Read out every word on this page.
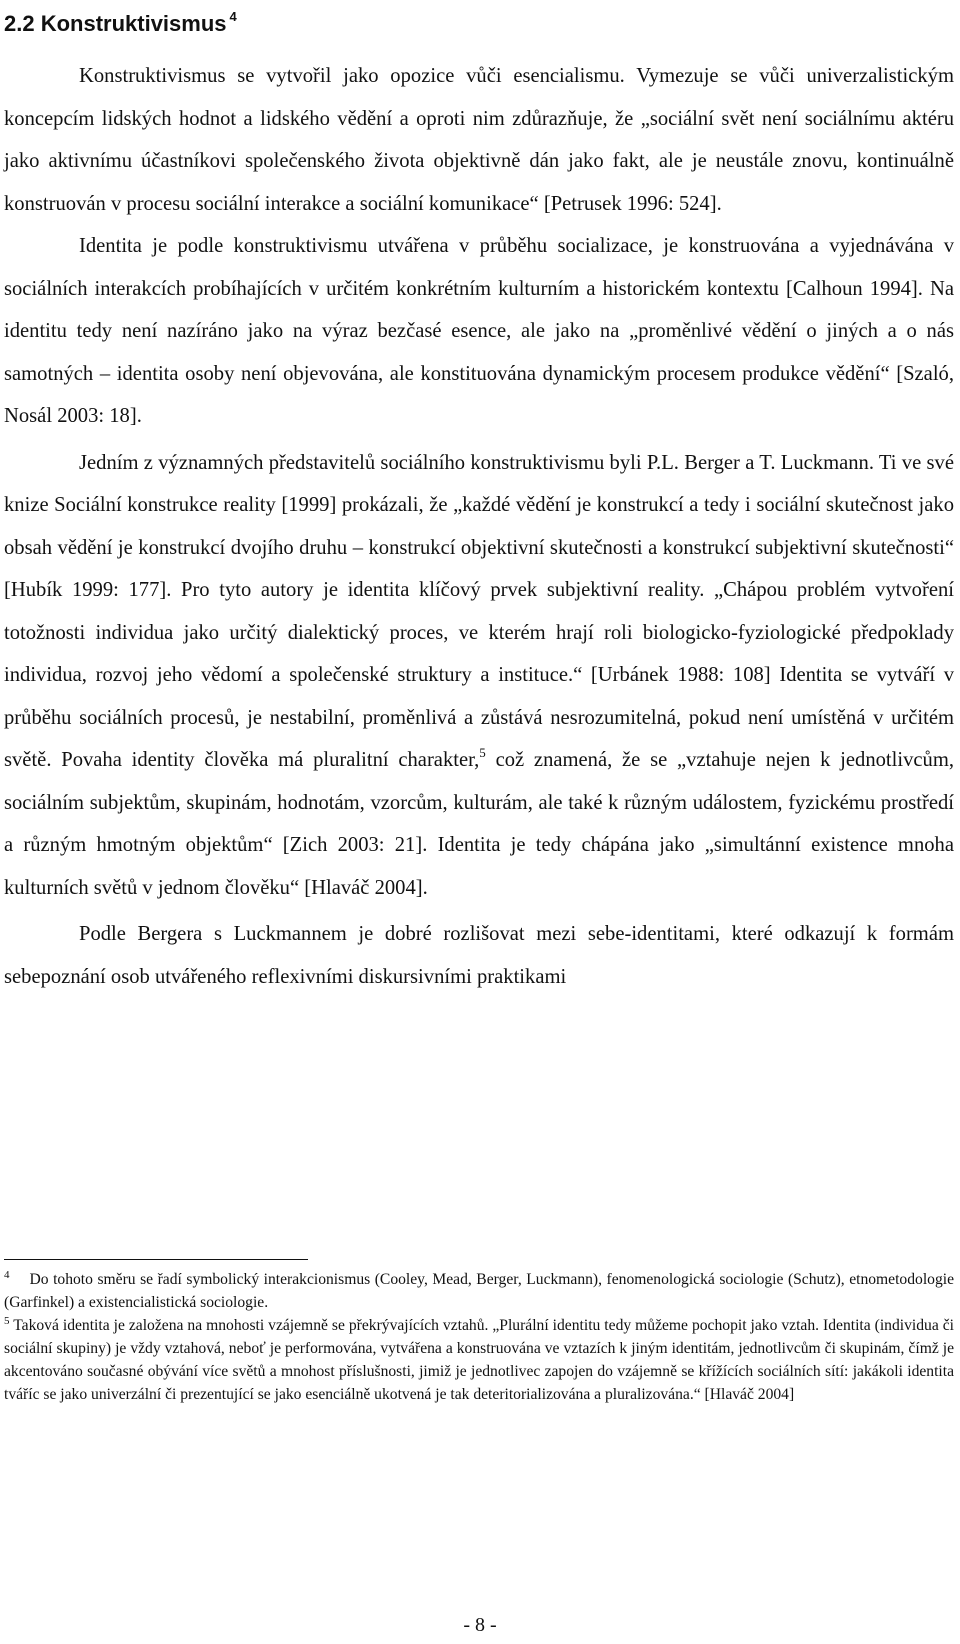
2.2 Konstruktivismus $^4$

Konstruktivismus se vytvořil jako opozice vůči esencialismu. Vymezuje se vůči univerzalistickým koncepcím lidských hodnot a lidského vědění a oproti nim zdůrazňuje, že „sociální svět není sociálnímu aktéru jako aktivnímu účastníkovi společenského života objektivně dán jako fakt, ale je neustále znovu, kontinuálně konstruován v procesu sociální interakce a sociální komunikace“ [Petrusek 1996: 524].

Identita je podle konstruktivismu utvářena v průběhu socializace, je konstruována a vyjednávána v sociálních interakcích probíhajících v určitém konkrétním kulturním a historickém kontextu [Calhoun 1994]. Na identitu tedy není nazíráno jako na výraz bezčasé esence, ale jako na „proměnlivé vědění o jiných a o nás samotných – identita osoby není objevována, ale konstituována dynamickým procesem produkce vědění“ [Szaló, Nosál 2003: 18].

Jedním z významných představitelů sociálního konstruktivismu byli P.L. Berger a T. Luckmann. Ti ve své knize Sociální konstrukce reality [1999] prokázali, že „každé vědění je konstrukcí a tedy i sociální skutečnost jako obsah vědění je konstrukcí dvojího druhu – konstrukcí objektivní skutečnosti a konstrukcí subjektivní skutečnosti“ [Hubík 1999: 177]. Pro tyto autory je identita klíčový prvek subjektivní reality. „Chápou problém vytvoření totožnosti individua jako určitý dialektický proces, ve kterém hrají roli biologicko-fyziologické předpoklady individua, rozvoj jeho vědomí a společenské struktury a instituce.“ [Urbánek 1988: 108] Identita se vytváří v průběhu sociálních procesů, je nestabilní, proměnlivá a zůstává nesrozumitelná, pokud není umístěná v určitém světě. Povaha identity člověka má pluralitní charakter,$^5$ což znamená, že se „vztahuje nejen k jednotlivcům, sociálním subjektům, skupinám, hodnotám, vzorcům, kulturám, ale také k různým událostem, fyzickému prostředí a různým hmotným objektům“ [Zich 2003: 21]. Identita je tedy chápána jako „simultánní existence mnoha kulturních světů v jednom člověku“ [Hlaváč 2004].

Podle Bergera s Luckmannem je dobré rozlišovat mezi sebe-identitami, které odkazují k formám sebepoznání osob utvářeného reflexivními diskursivními praktikami

$^4$ Do tohoto směru se řadí symbolický interakcionismus (Cooley, Mead, Berger, Luckmann), fenomenologická sociologie (Schutz), etnometodologie (Garfinkel) a existencialistická sociologie.

$^5$ Taková identita je založena na mnohosti vzájemně se překrývajících vztahů. „Plurální identitu tedy můžeme pochopit jako vztah. Identita (individua či sociální skupiny) je vždy vztahová, neboť je performována, vytvářena a konstruována ve vztazích k jiným identitám, jednotlivcům či skupinám, čímž je akcentováno současné obývání více světů a mnohost příslušnosti, jimiž je jednotlivec zapojen do vzájemně se křížících sociálních sítí: jakákoli identita tváříc se jako univerzální či prezentující se jako esenciálně ukotvená je tak deteritorializována a pluralizována.“ [Hlaváč 2004]

- 8 -
